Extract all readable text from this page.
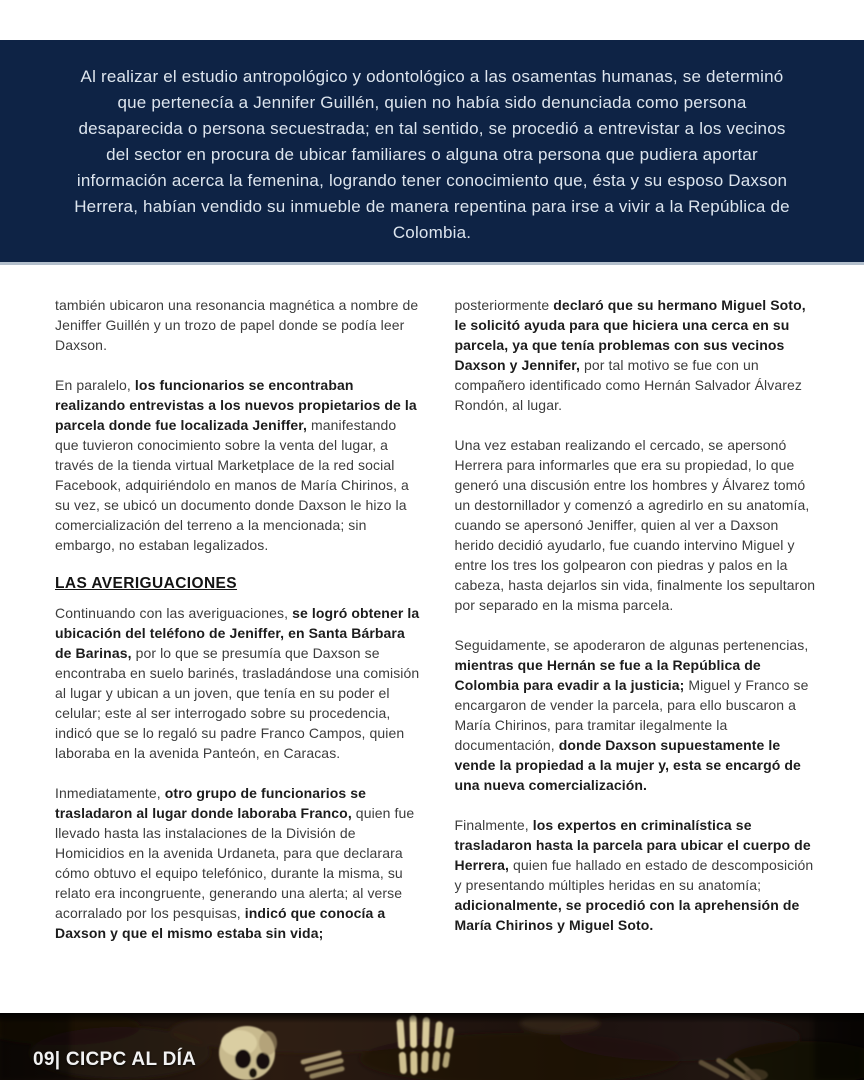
Al realizar el estudio antropológico y odontológico a las osamentas humanas, se determinó que pertenecía a Jennifer Guillén, quien no había sido denunciada como persona desaparecida o persona secuestrada; en tal sentido, se procedió a entrevistar a los vecinos del sector en procura de ubicar familiares o alguna otra persona que pudiera aportar información acerca la femenina, logrando tener conocimiento que, ésta y su esposo Daxson Herrera, habían vendido su inmueble de manera repentina para irse a vivir a la República de Colombia.

también ubicaron una resonancia magnética a nombre de Jeniffer Guillén y un trozo de papel donde se podía leer Daxson.

En paralelo, los funcionarios se encontraban realizando entrevistas a los nuevos propietarios de la parcela donde fue localizada Jeniffer, manifestando que tuvieron conocimiento sobre la venta del lugar, a través de la tienda virtual Marketplace de la red social Facebook, adquiriéndolo en manos de María Chirinos, a su vez, se ubicó un documento donde Daxson le hizo la comercialización del terreno a la mencionada; sin embargo, no estaban legalizados.

LAS AVERIGUACIONES

Continuando con las averiguaciones, se logró obtener la ubicación del teléfono de Jeniffer, en Santa Bárbara de Barinas, por lo que se presumía que Daxson se encontraba en suelo barinés, trasladándose una comisión al lugar y ubican a un joven, que tenía en su poder el celular; este al ser interrogado sobre su procedencia, indicó que se lo regaló su padre Franco Campos, quien laboraba en la avenida Panteón, en Caracas.

Inmediatamente, otro grupo de funcionarios se trasladaron al lugar donde laboraba Franco, quien fue llevado hasta las instalaciones de la División de Homicidios en la avenida Urdaneta, para que declarara cómo obtuvo el equipo telefónico, durante la misma, su relato era incongruente, generando una alerta; al verse acorralado por los pesquisas, indicó que conocía a Daxson y que el mismo estaba sin vida;

posteriormente declaró que su hermano Miguel Soto, le solicitó ayuda para que hiciera una cerca en su parcela, ya que tenía problemas con sus vecinos Daxson y Jennifer, por tal motivo se fue con un compañero identificado como Hernán Salvador Álvarez Rondón, al lugar.

Una vez estaban realizando el cercado, se apersonó Herrera para informarles que era su propiedad, lo que generó una discusión entre los hombres y Álvarez tomó un destornillador y comenzó a agredirlo en su anatomía, cuando se apersonó Jeniffer, quien al ver a Daxson herido decidió ayudarlo, fue cuando intervino Miguel y entre los tres los golpearon con piedras y palos en la cabeza, hasta dejarlos sin vida, finalmente los sepultaron por separado en la misma parcela.

Seguidamente, se apoderaron de algunas pertenencias, mientras que Hernán se fue a la República de Colombia para evadir a la justicia; Miguel y Franco se encargaron de vender la parcela, para ello buscaron a María Chirinos, para tramitar ilegalmente la documentación, donde Daxson supuestamente le vende la propiedad a la mujer y, esta se encargó de una nueva comercialización.

Finalmente, los expertos en criminalística se trasladaron hasta la parcela para ubicar el cuerpo de Herrera, quien fue hallado en estado de descomposición y presentando múltiples heridas en su anatomía; adicionalmente, se procedió con la aprehensión de María Chirinos y Miguel Soto.

09| CICPC AL DÍA
